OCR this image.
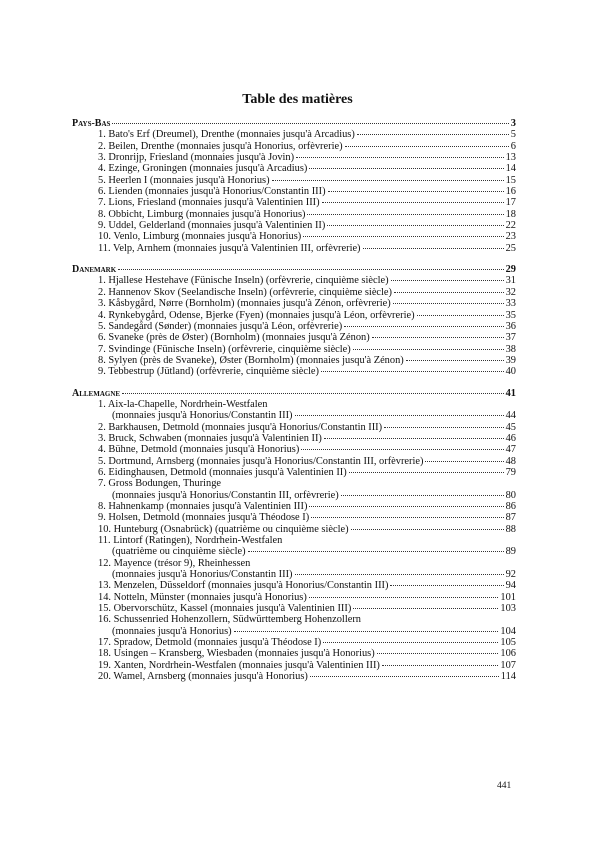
Table des matières
Pays-Bas	3
1. Bato's Erf (Dreumel), Drenthe (monnaies jusqu'à Arcadius)	5
2. Beilen, Drenthe (monnaies jusqu'à Honorius, orfèvrerie)	6
3. Dronrijp, Friesland (monnaies jusqu'à Jovin)	13
4. Ezinge, Groningen (monnaies jusqu'à Arcadius)	14
5. Heerlen I (monnaies jusqu'à Honorius)	15
6. Lienden (monnaies jusqu'à Honorius/Constantin III)	16
7. Lions, Friesland (monnaies jusqu'à Valentinien III)	17
8. Obbicht, Limburg (monnaies jusqu'à Honorius)	18
9. Uddel, Gelderland (monnaies jusqu'à Valentinien II)	22
10. Venlo, Limburg (monnaies jusqu'à Honorius)	23
11. Velp, Arnhem (monnaies jusqu'à Valentinien III, orfèvrerie)	25
Danemark	29
1. Hjallese Hestehave (Fünische Inseln) (orfèvrerie, cinquième siècle)	31
2. Hannenov Skov (Seelandische Inseln) (orfèvrerie, cinquième siècle)	32
3. Kåsbygård, Nørre (Bornholm) (monnaies jusqu'à Zénon, orfèvrerie)	33
4. Rynkebygård, Odense, Bjerke (Fyen) (monnaies jusqu'à Léon, orfèvrerie)	35
5. Sandegård (Sønder) (monnaies jusqu'à Léon, orfèvrerie)	36
6. Svaneke (près de Øster) (Bornholm) (monnaies jusqu'à Zénon)	37
7. Svindinge (Fünische Inseln) (orfèvrerie, cinquième siècle)	38
8. Sylyen (près de Svaneke), Øster (Bornholm) (monnaies jusqu'à Zénon)	39
9. Tebbestrup (Jütland) (orfèvrerie, cinquième siècle)	40
Allemagne	41
1. Aix-la-Chapelle, Nordrhein-Westfalen
(monnaies jusqu'à Honorius/Constantin III)	44
2. Barkhausen, Detmold (monnaies jusqu'à Honorius/Constantin III)	45
3. Bruck, Schwaben (monnaies jusqu'à Valentinien II)	46
4. Bühne, Detmold (monnaies jusqu'à Honorius)	47
5. Dortmund, Arnsberg (monnaies jusqu'à Honorius/Constantin III, orfèvrerie)	48
6. Eidinghausen, Detmold (monnaies jusqu'à Valentinien II)	79
7. Gross Bodungen, Thuringe
(monnaies jusqu'à Honorius/Constantin III, orfèvrerie)	80
8. Hahnenkamp (monnaies jusqu'à Valentinien III)	86
9. Holsen, Detmold (monnaies jusqu'à Théodose I)	87
10. Hunteburg (Osnabrück) (quatrième ou cinquième siècle)	88
11. Lintorf (Ratingen), Nordrhein-Westfalen
(quatrième ou cinquième siècle)	89
12. Mayence (trésor 9), Rheinhessen
(monnaies jusqu'à Honorius/Constantin III)	92
13. Menzelen, Düsseldorf (monnaies jusqu'à Honorius/Constantin III)	94
14. Notteln, Münster (monnaies jusqu'à Honorius)	101
15. Obervorschütz, Kassel (monnaies jusqu'à Valentinien III)	103
16. Schussenried Hohenzollern, Südwürttemberg Hohenzollern
(monnaies jusqu'à Honorius)	104
17. Spradow, Detmold (monnaies jusqu'à Théodose I)	105
18. Usingen – Kransberg, Wiesbaden (monnaies jusqu'à Honorius)	106
19. Xanten, Nordrhein-Westfalen (monnaies jusqu'à Valentinien III)	107
20. Wamel, Arnsberg (monnaies jusqu'à Honorius)	114
441
